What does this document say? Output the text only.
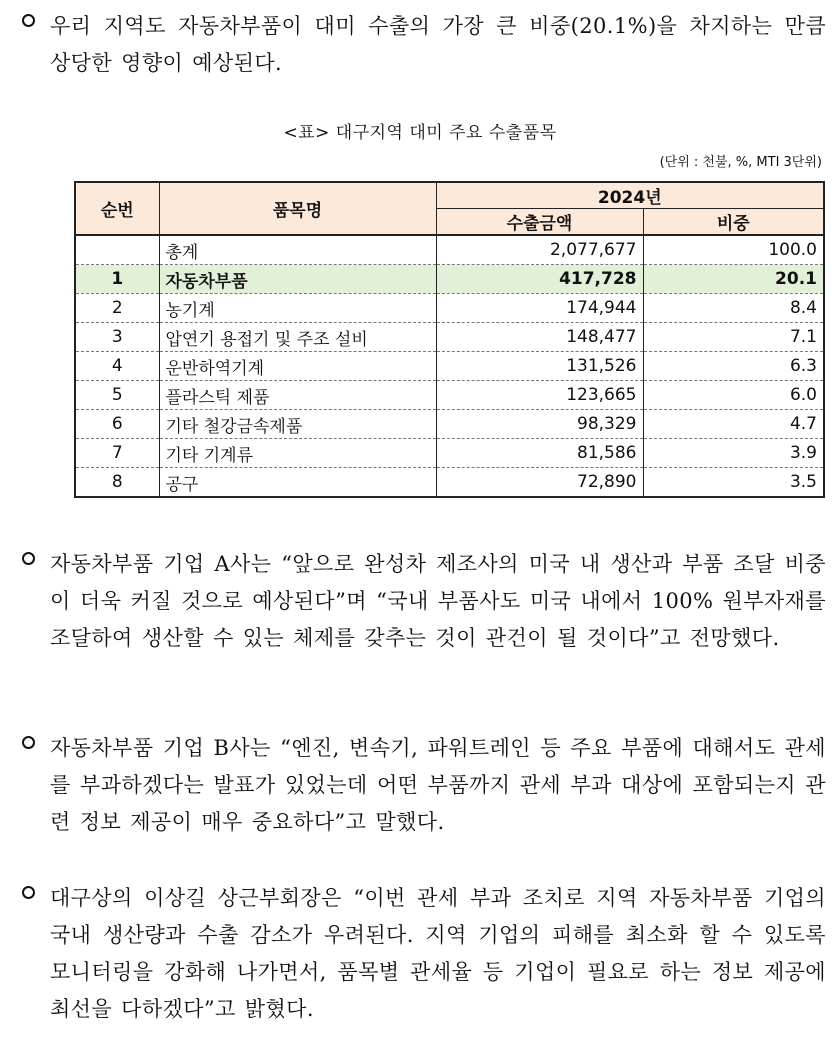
우리 지역도 자동차부품이 대미 수출의 가장 큰 비중(20.1%)을 차지하는 만큼 상당한 영향이 예상된다.
<표> 대구지역 대미 주요 수출품목
(단위 : 천불, %, MTI 3단위)
순번	품목명	2024년	
		수출금액	비중
	총계	2,077,677	100.0
1	자동차부품	417,728	20.1
2	농기계	174,944	8.4
3	압연기 용접기 및 주조 설비	148,477	7.1
4	운반하역기계	131,526	6.3
5	플라스틱 제품	123,665	6.0
6	기타 철강금속제품	98,329	4.7
7	기타 기계류	81,586	3.9
8	공구	72,890	3.5
자동차부품 기업 A사는 “앞으로 완성차 제조사의 미국 내 생산과 부품 조달 비중이 더욱 커질 것으로 예상된다”며 “국내 부품사도 미국 내에서 100% 원부자재를 조달하여 생산할 수 있는 체제를 갖추는 것이 관건이 될 것이다”고 전망했다.
자동차부품 기업 B사는 “엔진, 변속기, 파워트레인 등 주요 부품에 대해서도 관세를 부과하겠다는 발표가 있었는데 어떤 부품까지 관세 부과 대상에 포함되는지 관련 정보 제공이 매우 중요하다”고 말했다.
대구상의 이상길 상근부회장은 “이번 관세 부과 조치로 지역 자동차부품 기업의 국내 생산량과 수출 감소가 우려된다. 지역 기업의 피해를 최소화 할 수 있도록 모니터링을 강화해 나가면서, 품목별 관세율 등 기업이 필요로 하는 정보 제공에 최선을 다하겠다”고 밝혔다.
